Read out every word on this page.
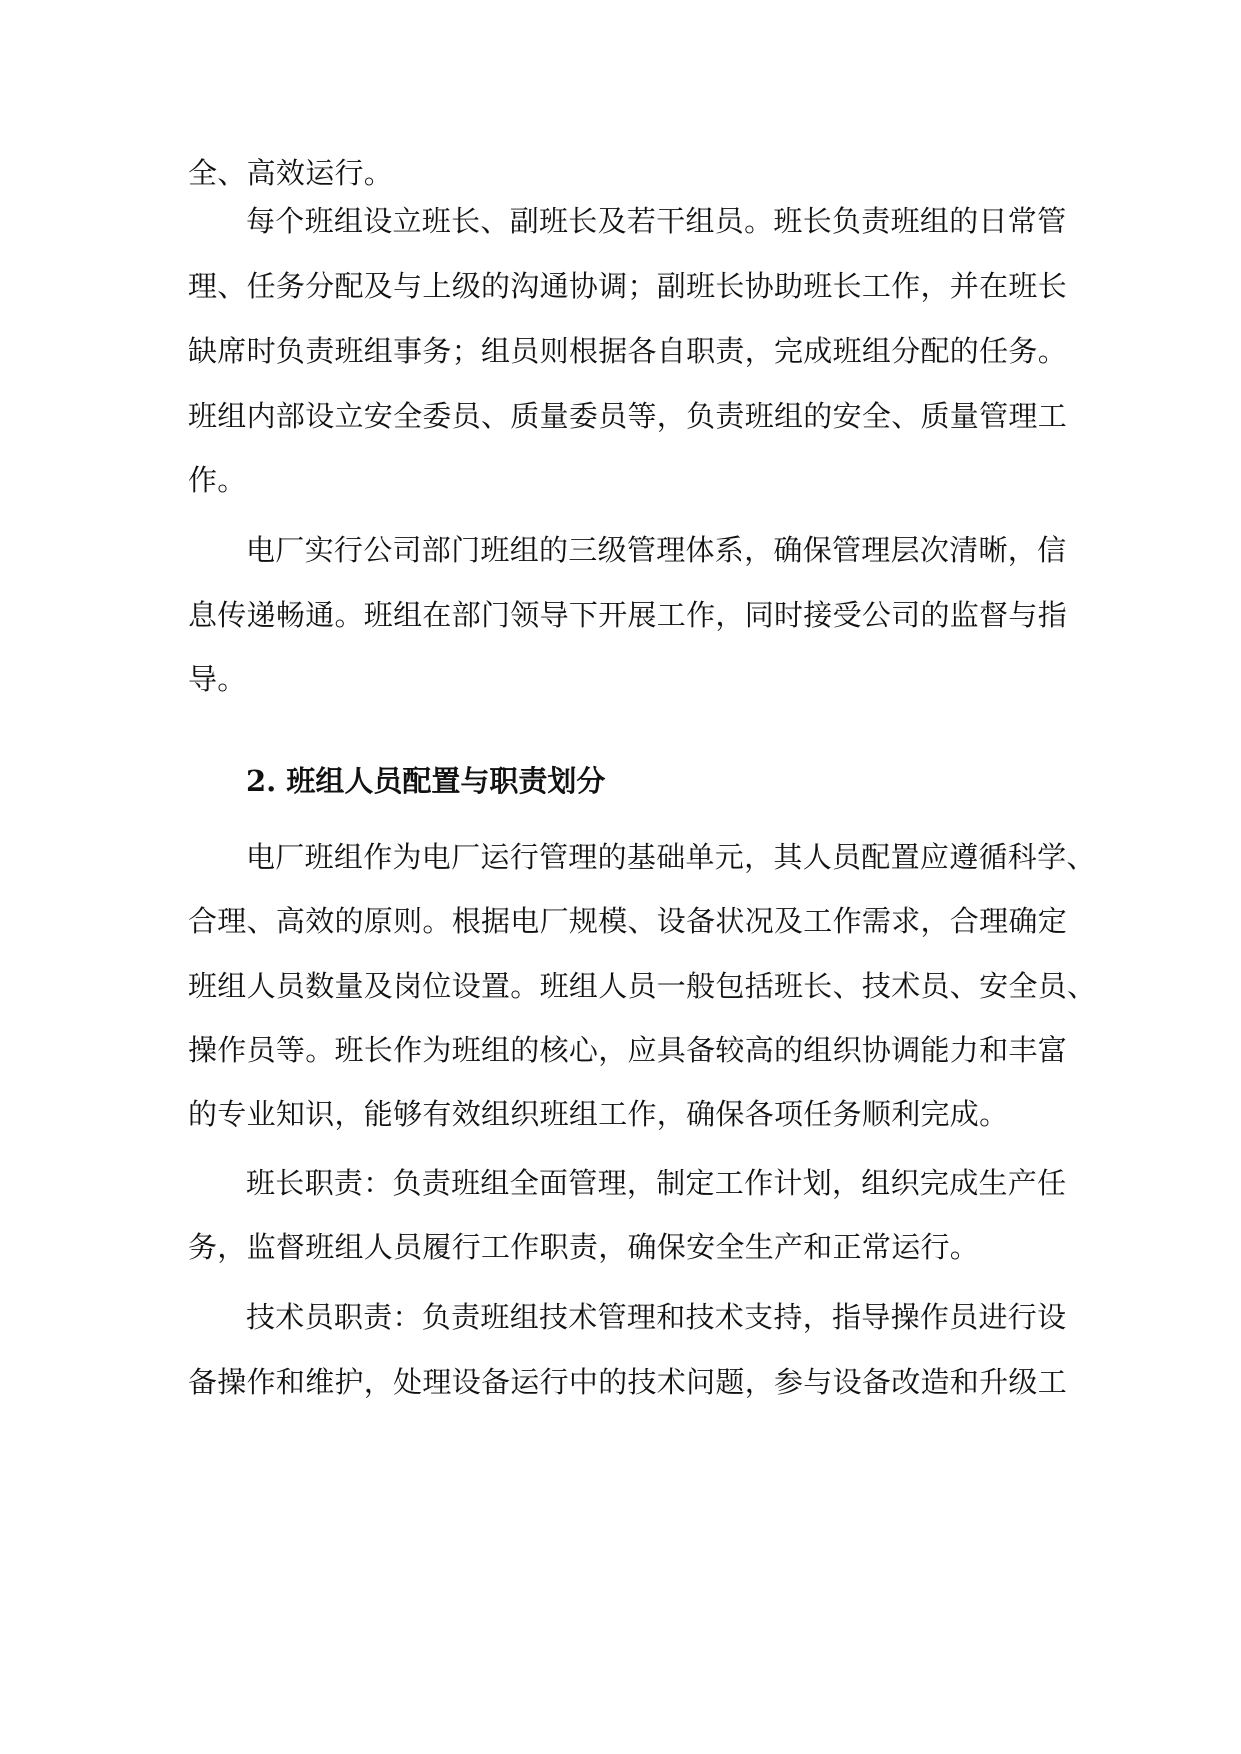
全、高效运行。
每个班组设立班长、副班长及若干组员。班长负责班组的日常管
理、任务分配及与上级的沟通协调；副班长协助班长工作，并在班长
缺席时负责班组事务；组员则根据各自职责，完成班组分配的任务。
班组内部设立安全委员、质量委员等，负责班组的安全、质量管理工
作。
电厂实行公司部门班组的三级管理体系，确保管理层次清晰，信
息传递畅通。班组在部门领导下开展工作，同时接受公司的监督与指
导。
2. 班组人员配置与职责划分
电厂班组作为电厂运行管理的基础单元，其人员配置应遵循科学、
合理、高效的原则。根据电厂规模、设备状况及工作需求，合理确定
班组人员数量及岗位设置。班组人员一般包括班长、技术员、安全员、
操作员等。班长作为班组的核心，应具备较高的组织协调能力和丰富
的专业知识，能够有效组织班组工作，确保各项任务顺利完成。
班长职责：负责班组全面管理，制定工作计划，组织完成生产任
务，监督班组人员履行工作职责，确保安全生产和正常运行。
技术员职责：负责班组技术管理和技术支持，指导操作员进行设
备操作和维护，处理设备运行中的技术问题，参与设备改造和升级工
